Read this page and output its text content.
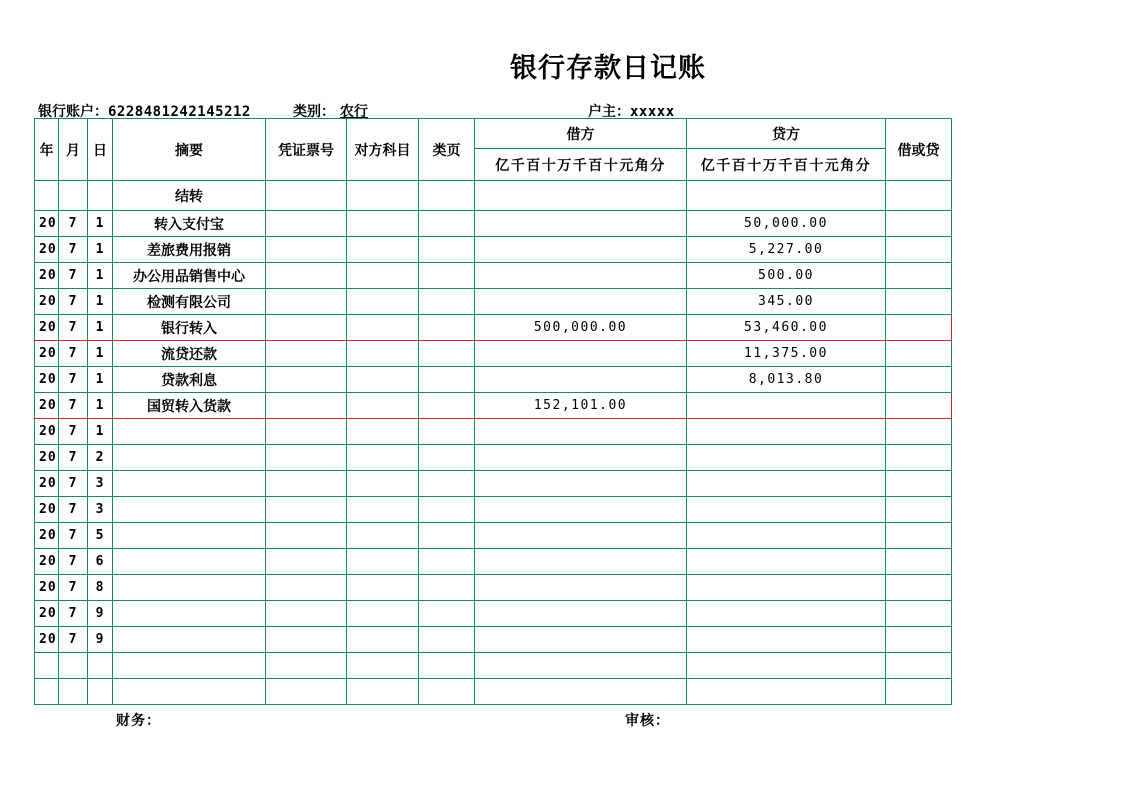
银行存款日记账
银行账户：6228481242145212	类别： 农行	户主：xxxxx
年	月	日	摘要	凭证票号	对方科目	类页	借方	贷方	借或贷
							亿千百十万千百十元角分	亿千百十万千百十元角分	
			结转						
20	7	1	转入支付宝					50,000.00	
20	7	1	差旅费用报销					5,227.00	
20	7	1	办公用品销售中心					500.00	
20	7	1	检测有限公司					345.00	
20	7	1	银行转入				500,000.00	53,460.00	
20	7	1	流贷还款					11,375.00	
20	7	1	贷款利息					8,013.80	
20	7	1	国贸转入货款				152,101.00		
20	7	1							
20	7	2							
20	7	3							
20	7	3							
20	7	5							
20	7	6							
20	7	8							
20	7	9							
20	7	9							

财务：	审核：
